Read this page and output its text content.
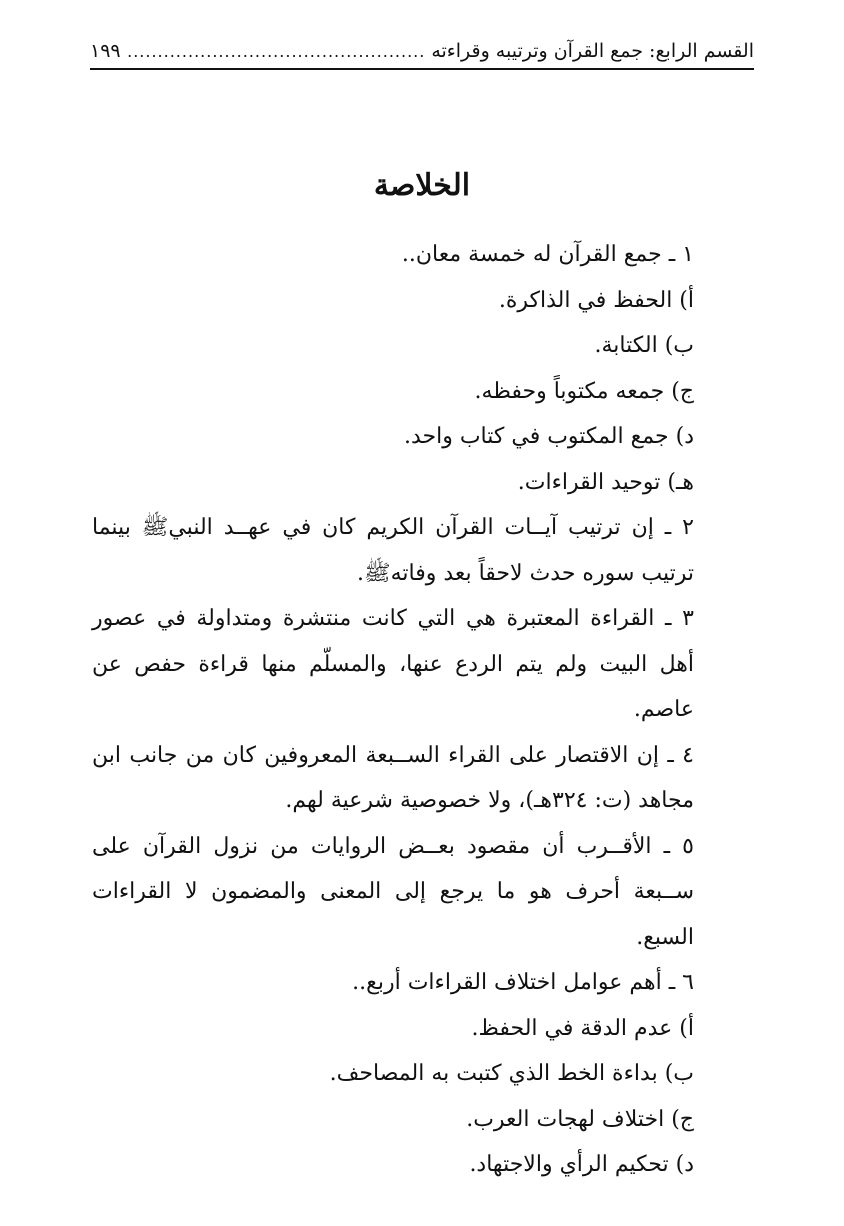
القسم الرابع: جمع القرآن وترتيبه وقراءته
.....
١٩٩
الخلاصة

١ ـ جمع القرآن له خمسة معان..

أ) الحفظ في الذاكرة.

ب) الكتابة.

ج) جمعه مكتوباً وحفظه.

د) جمع المكتوب في كتاب واحد.

هـ) توحيد القراءات.

٢ ـ إن ترتيب آيــات القرآن الكريم كان في عهــد النبيﷺ بينما ترتيب سوره حدث لاحقاً بعد وفاتهﷺ.

٣ ـ القراءة المعتبرة هي التي كانت منتشرة ومتداولة في عصور أهل البيت ولم يتم الردع عنها، والمسلّم منها قراءة حفص عن عاصم.

٤ ـ إن الاقتصار على القراء الســبعة المعروفين كان من جانب ابن مجاهد (ت: ٣٢٤هـ)، ولا خصوصية شرعية لهم.

٥ ـ الأقــرب أن مقصود بعــض الروايات من نزول القرآن على ســبعة أحرف هو ما يرجع إلى المعنى والمضمون لا القراءات السبع.

٦ ـ أهم عوامل اختلاف القراءات أربع..

أ) عدم الدقة في الحفظ.

ب) بداءة الخط الذي كتبت به المصاحف.

ج) اختلاف لهجات العرب.

د) تحكيم الرأي والاجتهاد.
